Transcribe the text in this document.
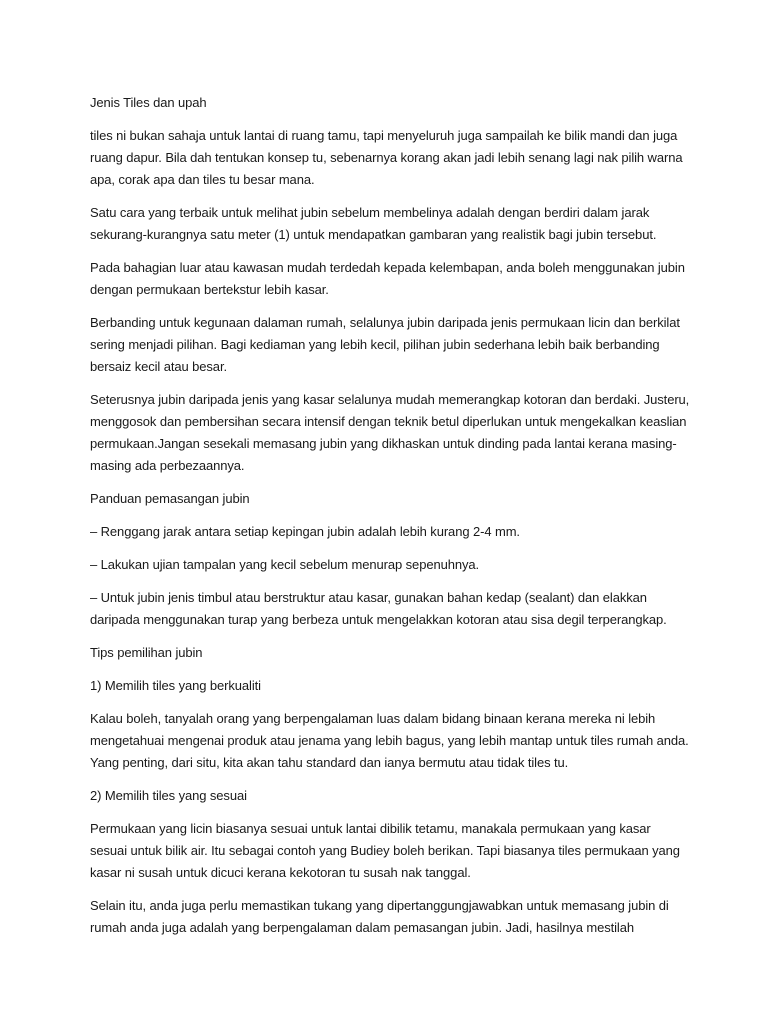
Jenis Tiles dan upah

tiles ni bukan sahaja untuk lantai di ruang tamu, tapi menyeluruh juga sampailah ke bilik mandi dan juga ruang dapur. Bila dah tentukan konsep tu, sebenarnya korang akan jadi lebih senang lagi nak pilih warna apa, corak apa dan tiles tu besar mana.

Satu cara yang terbaik untuk melihat jubin sebelum membelinya adalah dengan berdiri dalam jarak sekurang-kurangnya satu meter (1) untuk mendapatkan gambaran yang realistik bagi jubin tersebut.

Pada bahagian luar atau kawasan mudah terdedah kepada kelembapan, anda boleh menggunakan jubin dengan permukaan bertekstur lebih kasar.

Berbanding untuk kegunaan dalaman rumah, selalunya jubin daripada jenis permukaan licin dan berkilat sering menjadi pilihan. Bagi kediaman yang lebih kecil, pilihan jubin sederhana lebih baik berbanding bersaiz kecil atau besar.

Seterusnya jubin daripada jenis yang kasar selalunya mudah memerangkap kotoran dan berdaki. Justeru, menggosok dan pembersihan secara intensif dengan teknik betul diperlukan untuk mengekalkan keaslian permukaan.Jangan sesekali memasang jubin yang dikhaskan untuk dinding pada lantai kerana masing-masing ada perbezaannya.

Panduan pemasangan jubin

– Renggang jarak antara setiap kepingan jubin adalah lebih kurang 2-4 mm.

– Lakukan ujian tampalan yang kecil sebelum menurap sepenuhnya.

– Untuk jubin jenis timbul atau berstruktur atau kasar, gunakan bahan kedap (sealant) dan elakkan daripada menggunakan turap yang berbeza untuk mengelakkan kotoran atau sisa degil terperangkap.

Tips pemilihan jubin

1) Memilih tiles yang berkualiti

Kalau boleh, tanyalah orang yang berpengalaman luas dalam bidang binaan kerana mereka ni lebih mengetahuai mengenai produk atau jenama yang lebih bagus, yang lebih mantap untuk tiles rumah anda. Yang penting, dari situ, kita akan tahu standard dan ianya bermutu atau tidak tiles tu.

2) Memilih tiles yang sesuai

Permukaan yang licin biasanya sesuai untuk lantai dibilik tetamu, manakala permukaan yang kasar sesuai untuk bilik air. Itu sebagai contoh yang Budiey boleh berikan. Tapi biasanya tiles permukaan yang kasar ni susah untuk dicuci kerana kekotoran tu susah nak tanggal.

Selain itu, anda juga perlu memastikan tukang yang dipertanggungjawabkan untuk memasang jubin di rumah anda juga adalah yang berpengalaman dalam pemasangan jubin. Jadi, hasilnya mestilah
